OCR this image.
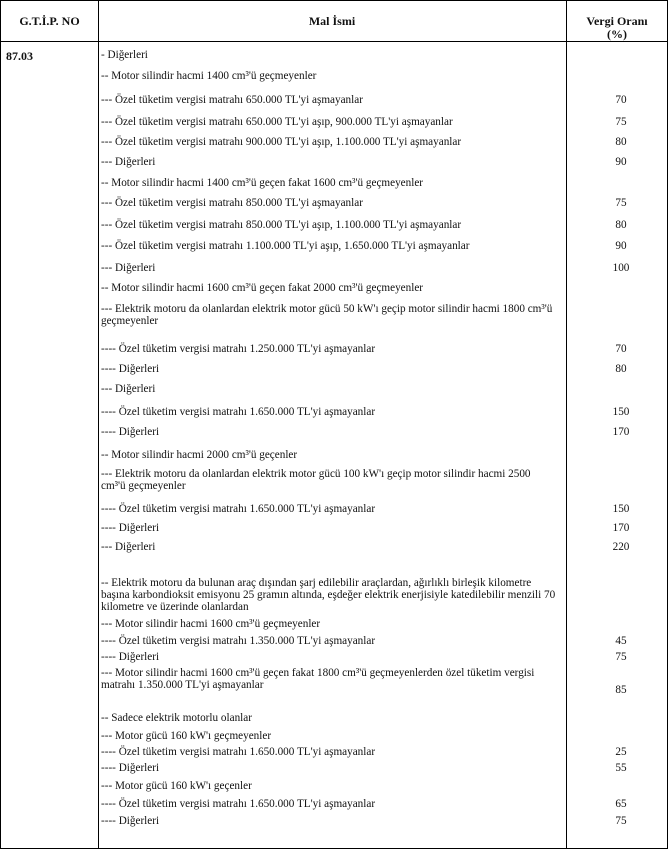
G.T.İ.P. NO	Mal İsmi	Vergi Oranı
(%)
87.03	- Diğerleri
-- Motor silindir hacmi 1400 cm³'ü geçmeyenler
--- Özel tüketim vergisi matrahı 650.000 TL'yi aşmayanlar	70
--- Özel tüketim vergisi matrahı 650.000 TL'yi aşıp, 900.000 TL'yi aşmayanlar	75
--- Özel tüketim vergisi matrahı 900.000 TL'yi aşıp, 1.100.000 TL'yi aşmayanlar	80
--- Diğerleri	90
-- Motor silindir hacmi 1400 cm³'ü geçen fakat 1600 cm³'ü geçmeyenler
--- Özel tüketim vergisi matrahı 850.000 TL'yi aşmayanlar	75
--- Özel tüketim vergisi matrahı 850.000 TL'yi aşıp, 1.100.000 TL'yi aşmayanlar	80
--- Özel tüketim vergisi matrahı 1.100.000 TL'yi aşıp, 1.650.000 TL'yi aşmayanlar	90
--- Diğerleri	100
-- Motor silindir hacmi 1600 cm³'ü geçen fakat 2000 cm³'ü geçmeyenler
--- Elektrik motoru da olanlardan elektrik motor gücü 50 kW'ı geçip motor silindir hacmi 1800 cm³'ü geçmeyenler
---- Özel tüketim vergisi matrahı 1.250.000 TL'yi aşmayanlar	70
---- Diğerleri	80
--- Diğerleri
---- Özel tüketim vergisi matrahı 1.650.000 TL'yi aşmayanlar	150
---- Diğerleri	170
-- Motor silindir hacmi 2000 cm³'ü geçenler
--- Elektrik motoru da olanlardan elektrik motor gücü 100 kW'ı geçip motor silindir hacmi 2500 cm³'ü geçmeyenler
---- Özel tüketim vergisi matrahı 1.650.000 TL'yi aşmayanlar	150
---- Diğerleri	170
--- Diğerleri	220
-- Elektrik motoru da bulunan araç dışından şarj edilebilir araçlardan, ağırlıklı birleşik kilometre başına karbondioksit emisyonu 25 gramın altında, eşdeğer elektrik enerjisiyle katedilebilir menzili 70 kilometre ve üzerinde olanlardan
--- Motor silindir hacmi 1600 cm³'ü geçmeyenler
---- Özel tüketim vergisi matrahı 1.350.000 TL'yi aşmayanlar	45
---- Diğerleri	75
--- Motor silindir hacmi 1600 cm³'ü geçen fakat 1800 cm³'ü geçmeyenlerden özel tüketim vergisi matrahı 1.350.000 TL'yi aşmayanlar	85
-- Sadece elektrik motorlu olanlar
--- Motor gücü 160 kW'ı geçmeyenler
---- Özel tüketim vergisi matrahı 1.650.000 TL'yi aşmayanlar	25
---- Diğerleri	55
--- Motor gücü 160 kW'ı geçenler
---- Özel tüketim vergisi matrahı 1.650.000 TL'yi aşmayanlar	65
---- Diğerleri	75
